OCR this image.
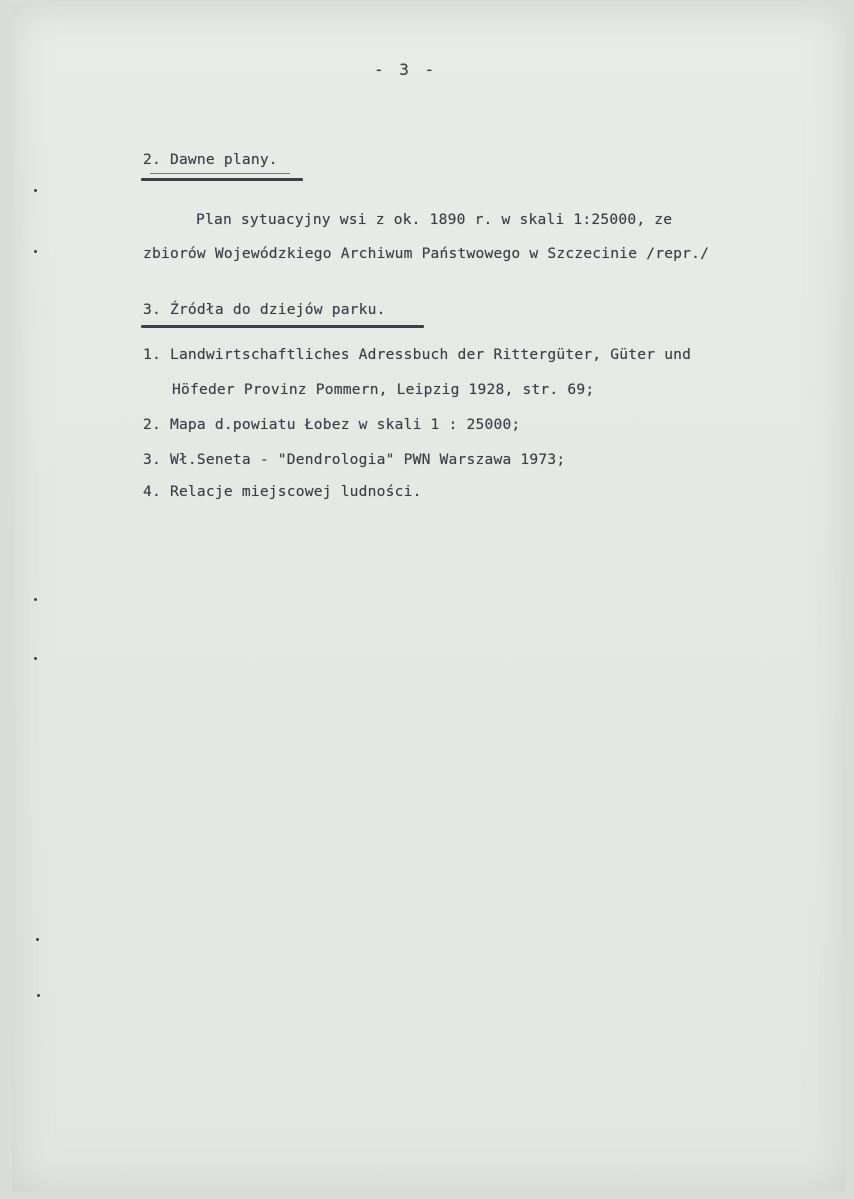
- 3 -
2. Dawne plany.
Plan sytuacyjny wsi z ok. 1890 r. w skali 1:25000, ze
zbiorów Wojewódzkiego Archiwum Państwowego w Szczecinie /repr./
3. Źródła do dziejów parku.
1. Landwirtschaftliches Adressbuch der Rittergüter, Güter und
Höfeder Provinz Pommern, Leipzig 1928, str. 69;
2. Mapa d.powiatu Łobez w skali 1 : 25000;
3. Wł.Seneta - "Dendrologia" PWN Warszawa 1973;
4. Relacje miejscowej ludności.
